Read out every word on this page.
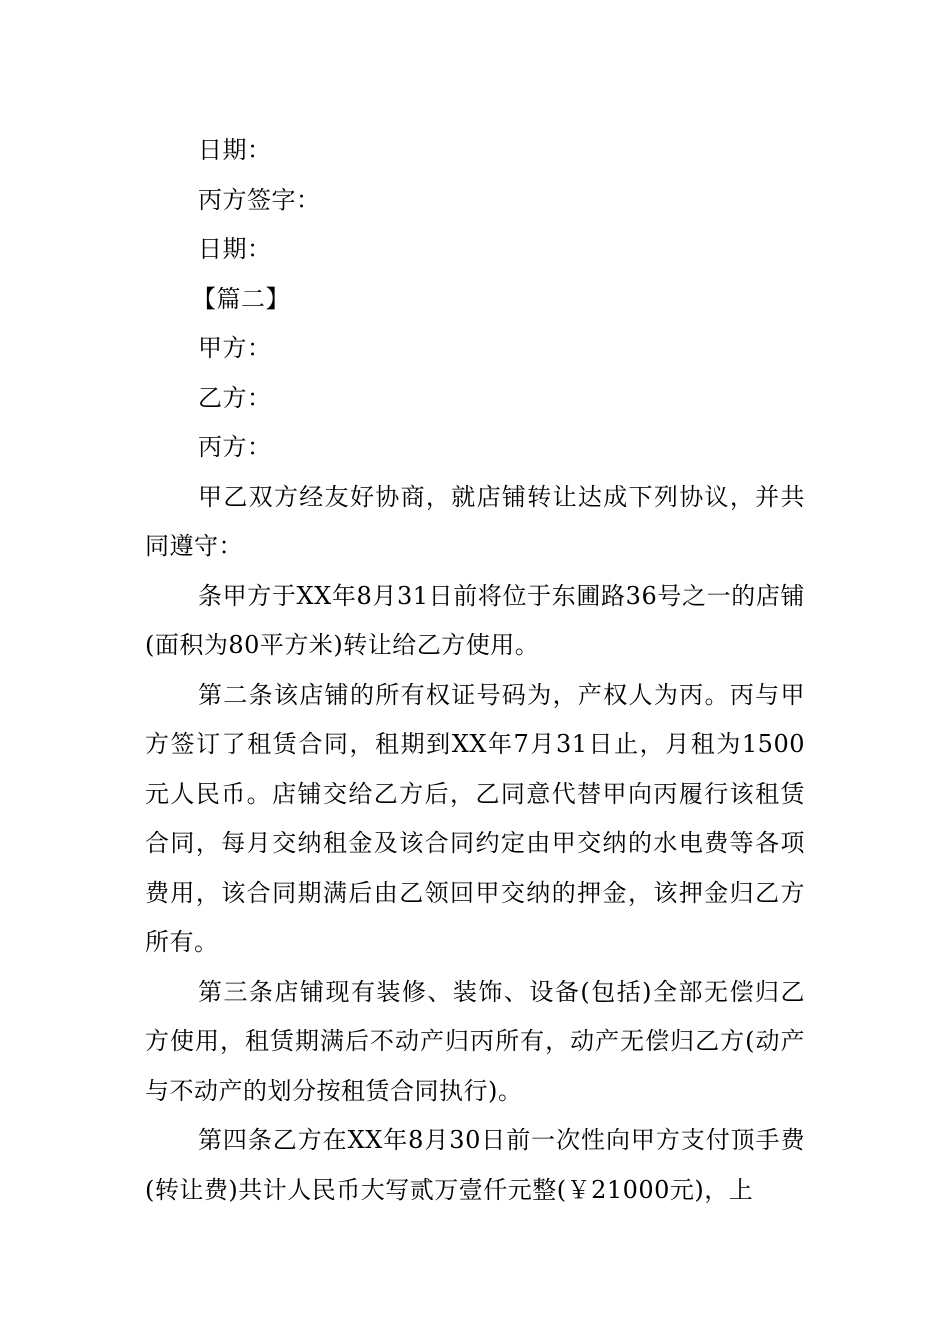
日期：
丙方签字：
日期：
【篇二】
甲方：
乙方：
丙方：

甲乙双方经友好协商，就店铺转让达成下列协议，并共同遵守：

条甲方于XX年8月31日前将位于东圃路36号之一的店铺(面积为80平方米)转让给乙方使用。

第二条该店铺的所有权证号码为，产权人为丙。丙与甲方签订了租赁合同，租期到XX年7月31日止，月租为1500元人民币。店铺交给乙方后，乙同意代替甲向丙履行该租赁合同，每月交纳租金及该合同约定由甲交纳的水电费等各项费用，该合同期满后由乙领回甲交纳的押金，该押金归乙方所有。

第三条店铺现有装修、装饰、设备(包括)全部无偿归乙方使用，租赁期满后不动产归丙所有，动产无偿归乙方(动产与不动产的划分按租赁合同执行)。

第四条乙方在XX年8月30日前一次性向甲方支付顶手费(转让费)共计人民币大写贰万壹仟元整(￥21000元)，上
